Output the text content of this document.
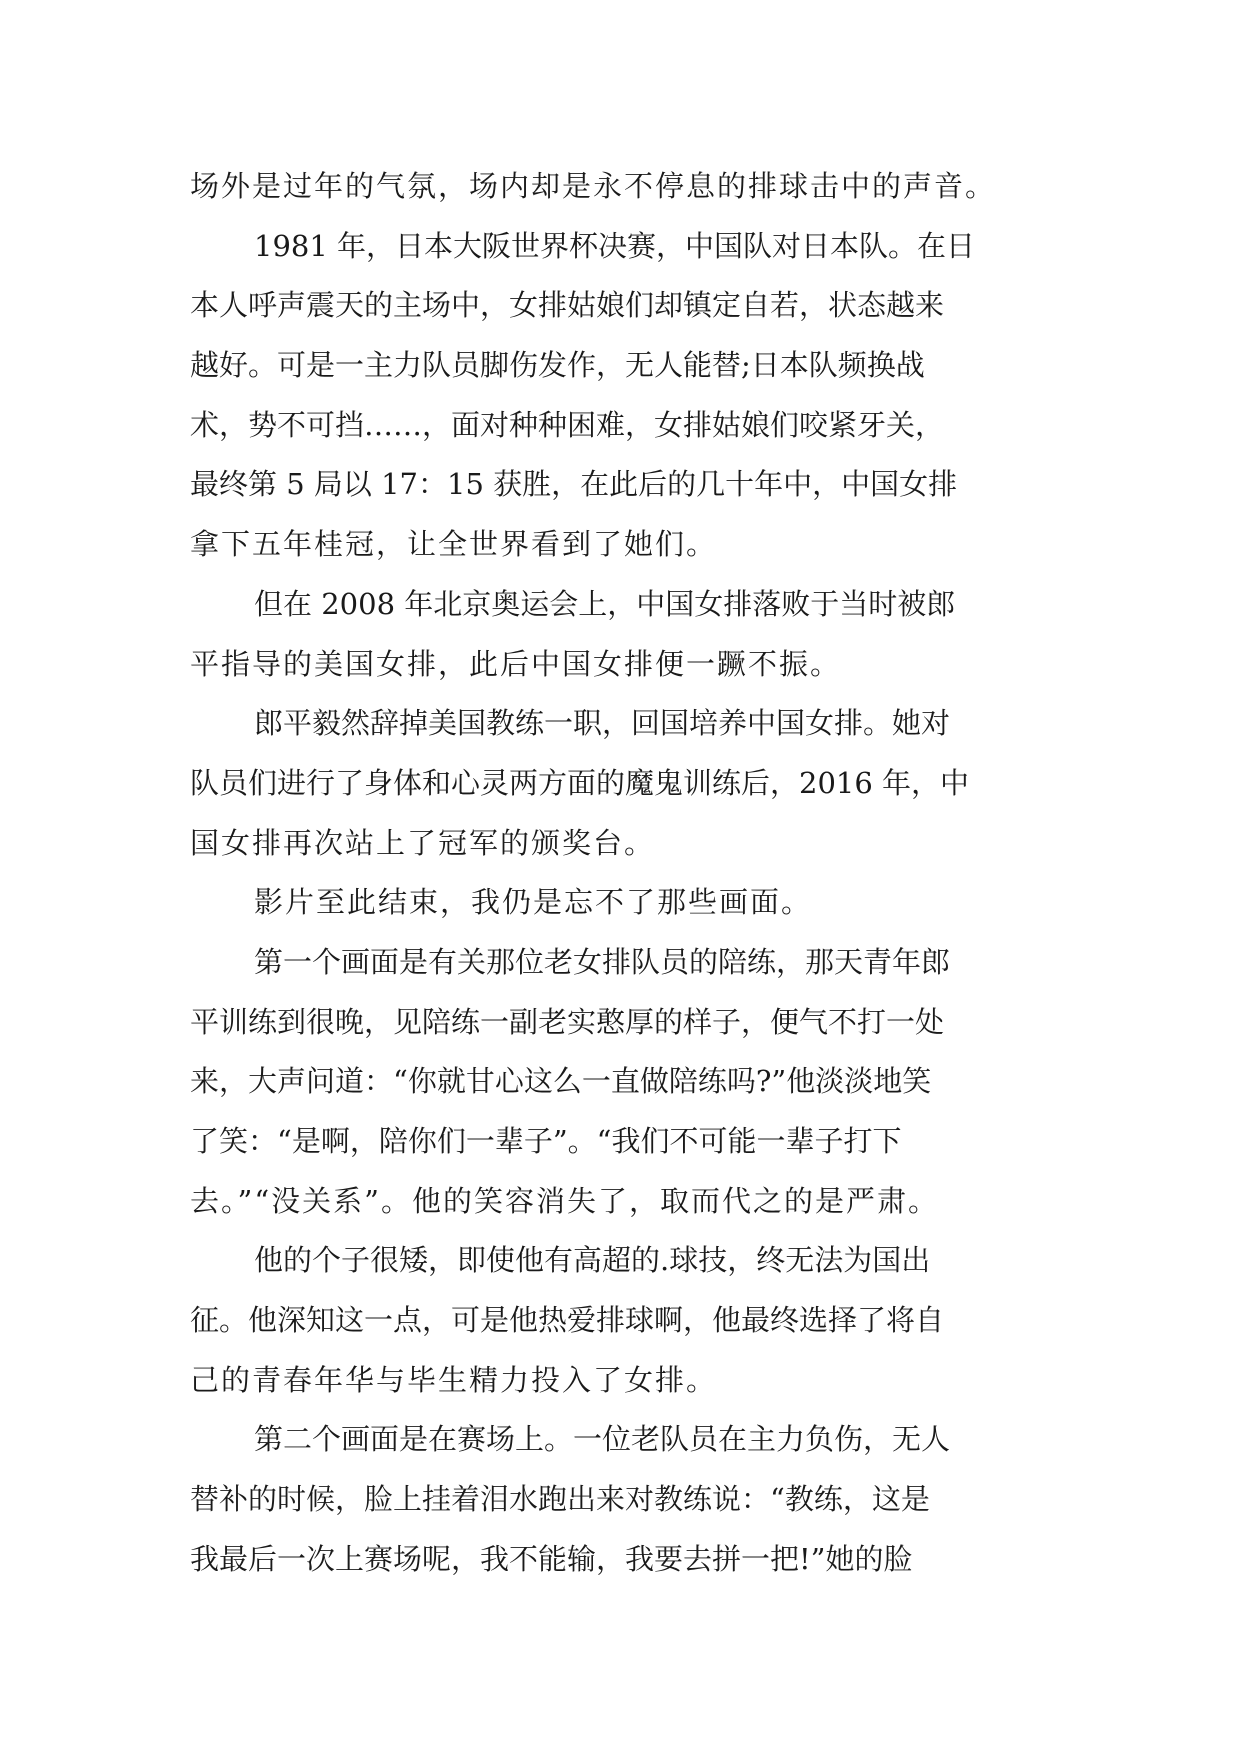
场外是过年的气氛，场内却是永不停息的排球击中的声音。
1981 年，日本大阪世界杯决赛，中国队对日本队。在日
本人呼声震天的主场中，女排姑娘们却镇定自若，状态越来
越好。可是一主力队员脚伤发作，无人能替;日本队频换战
术，势不可挡……，面对种种困难，女排姑娘们咬紧牙关，
最终第 5 局以 17：15 获胜，在此后的几十年中，中国女排
拿下五年桂冠，让全世界看到了她们。
但在 2008 年北京奥运会上，中国女排落败于当时被郎
平指导的美国女排，此后中国女排便一蹶不振。
郎平毅然辞掉美国教练一职，回国培养中国女排。她对
队员们进行了身体和心灵两方面的魔鬼训练后，2016 年，中
国女排再次站上了冠军的颁奖台。
影片至此结束，我仍是忘不了那些画面。
第一个画面是有关那位老女排队员的陪练，那天青年郎
平训练到很晚，见陪练一副老实憨厚的样子，便气不打一处
来，大声问道：“你就甘心这么一直做陪练吗?”他淡淡地笑
了笑：“是啊，陪你们一辈子”。“我们不可能一辈子打下
去。”“没关系”。他的笑容消失了，取而代之的是严肃。
他的个子很矮，即使他有高超的.球技，终无法为国出
征。他深知这一点，可是他热爱排球啊，他最终选择了将自
己的青春年华与毕生精力投入了女排。
第二个画面是在赛场上。一位老队员在主力负伤，无人
替补的时候，脸上挂着泪水跑出来对教练说：“教练，这是
我最后一次上赛场呢，我不能输，我要去拼一把!”她的脸
